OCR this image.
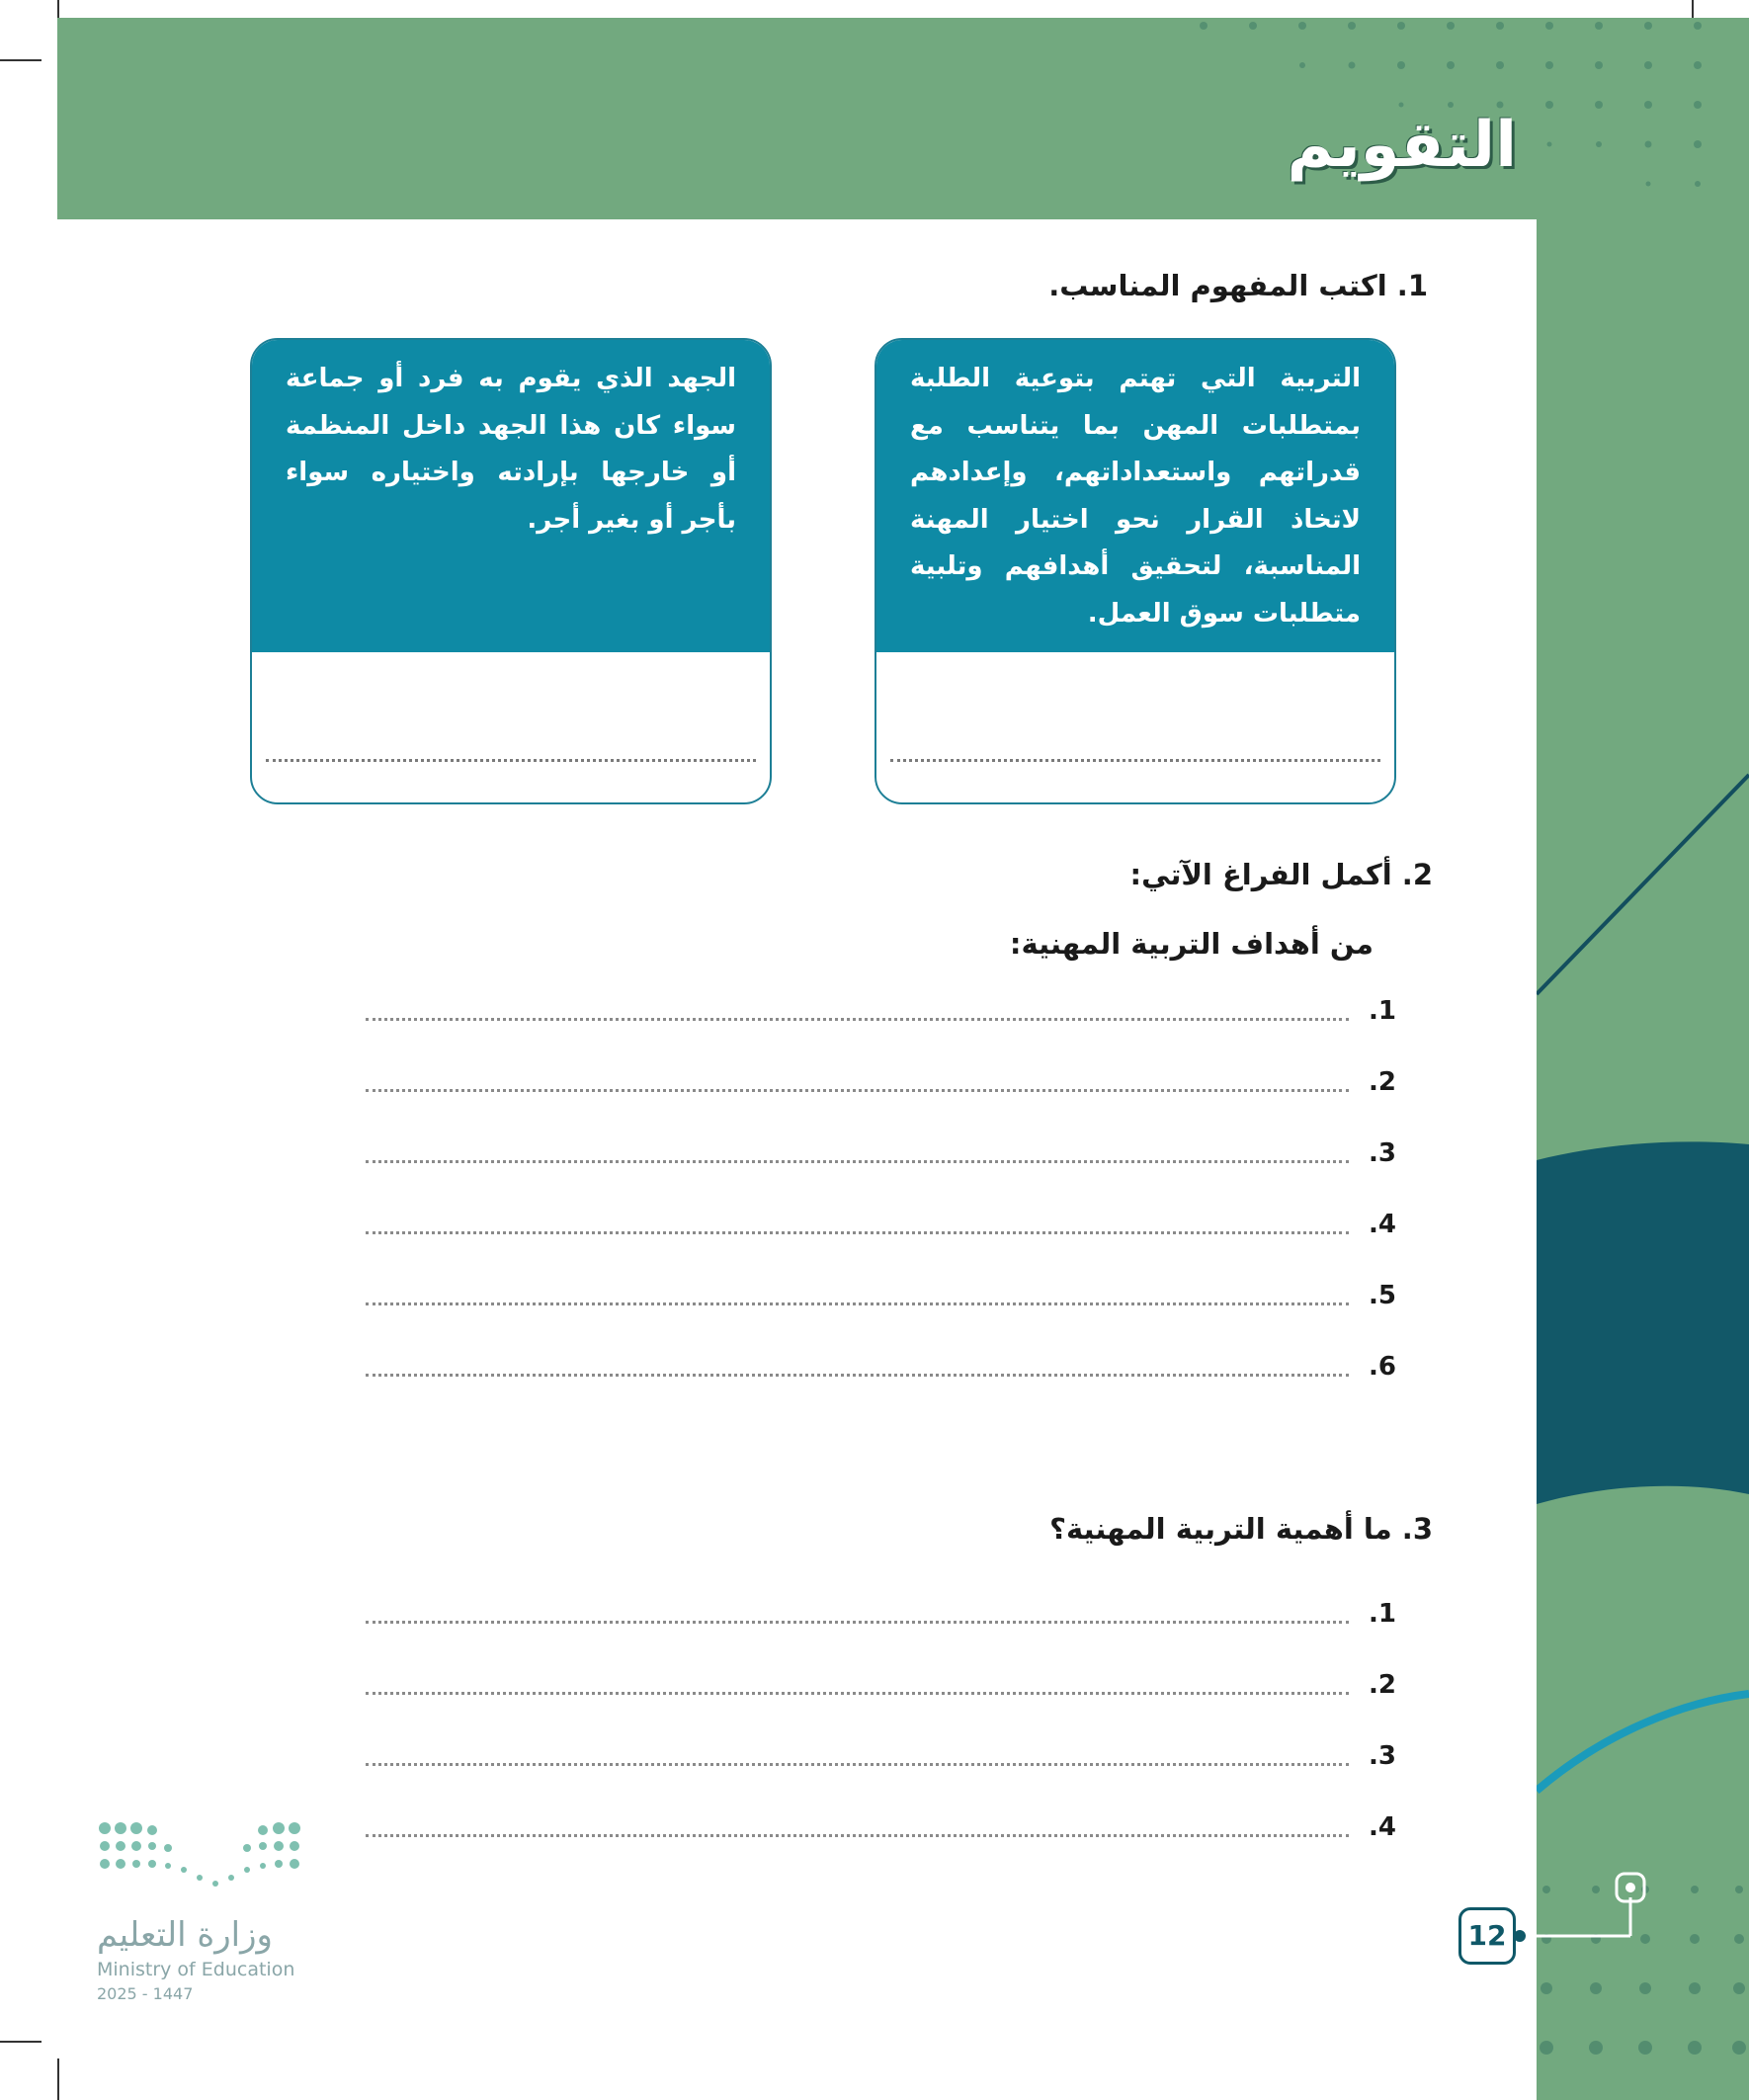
التقويم
1. اكتب المفهوم المناسب.
التربية التي تهتم بتوعية الطلبة بمتطلبات المهن بما يتناسب مع قدراتهم واستعداداتهم، وإعدادهم لاتخاذ القرار نحو اختيار المهنة المناسبة، لتحقيق أهدافهم وتلبية متطلبات سوق العمل.
الجهد الذي يقوم به فرد أو جماعة سواء كان هذا الجهد داخل المنظمة أو خارجها بإرادته واختياره سواء بأجر أو بغير أجر.
2. أكمل الفراغ الآتي:
من أهداف التربية المهنية:
1.
2.
3.
4.
5.
6.
3. ما أهمية التربية المهنية؟
1.
2.
3.
4.
وزارة التعليم
Ministry of Education
2025 - 1447
12
